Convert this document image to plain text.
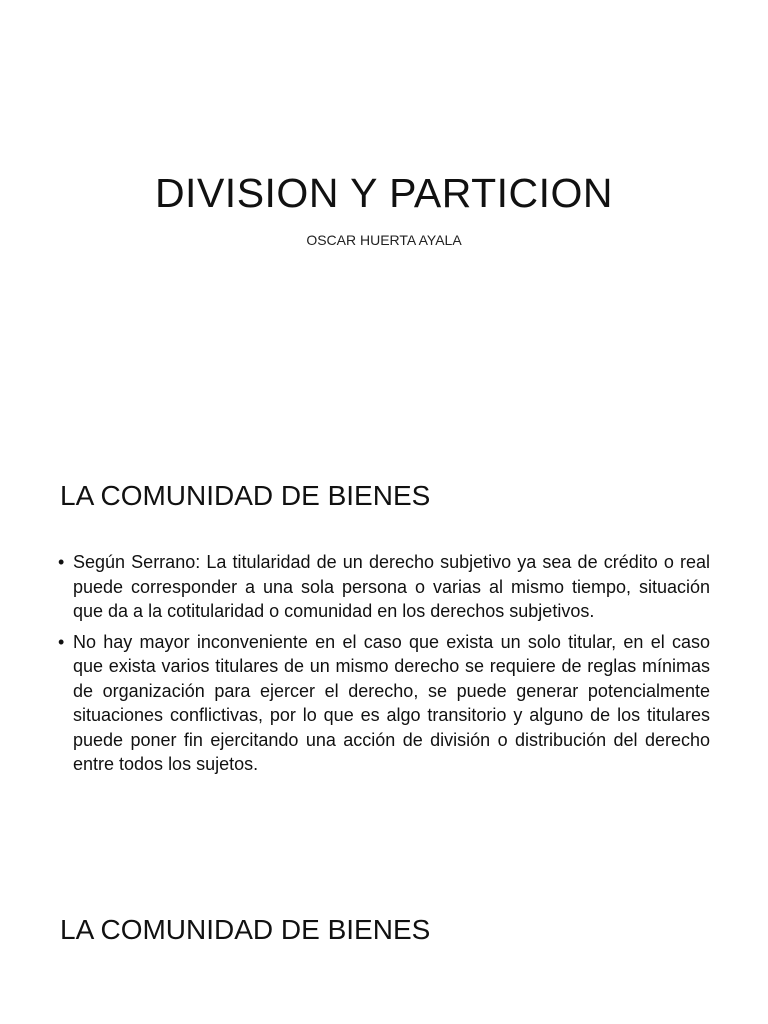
DIVISION Y PARTICION
OSCAR HUERTA AYALA
LA COMUNIDAD DE BIENES
• Según Serrano: La titularidad de un derecho subjetivo ya sea de crédito o real puede corresponder a una sola persona o varias al mismo tiempo, situación que da a la cotitularidad o comunidad en los derechos subjetivos.
• No hay mayor inconveniente en el caso que exista un solo titular, en el caso que exista varios titulares de un mismo derecho se requiere de reglas mínimas de organización para ejercer el derecho, se puede generar potencialmente situaciones conflictivas, por lo que es algo transitorio y alguno de los titulares puede poner fin ejercitando una acción de división o distribución del derecho entre todos los sujetos.
LA COMUNIDAD DE BIENES
